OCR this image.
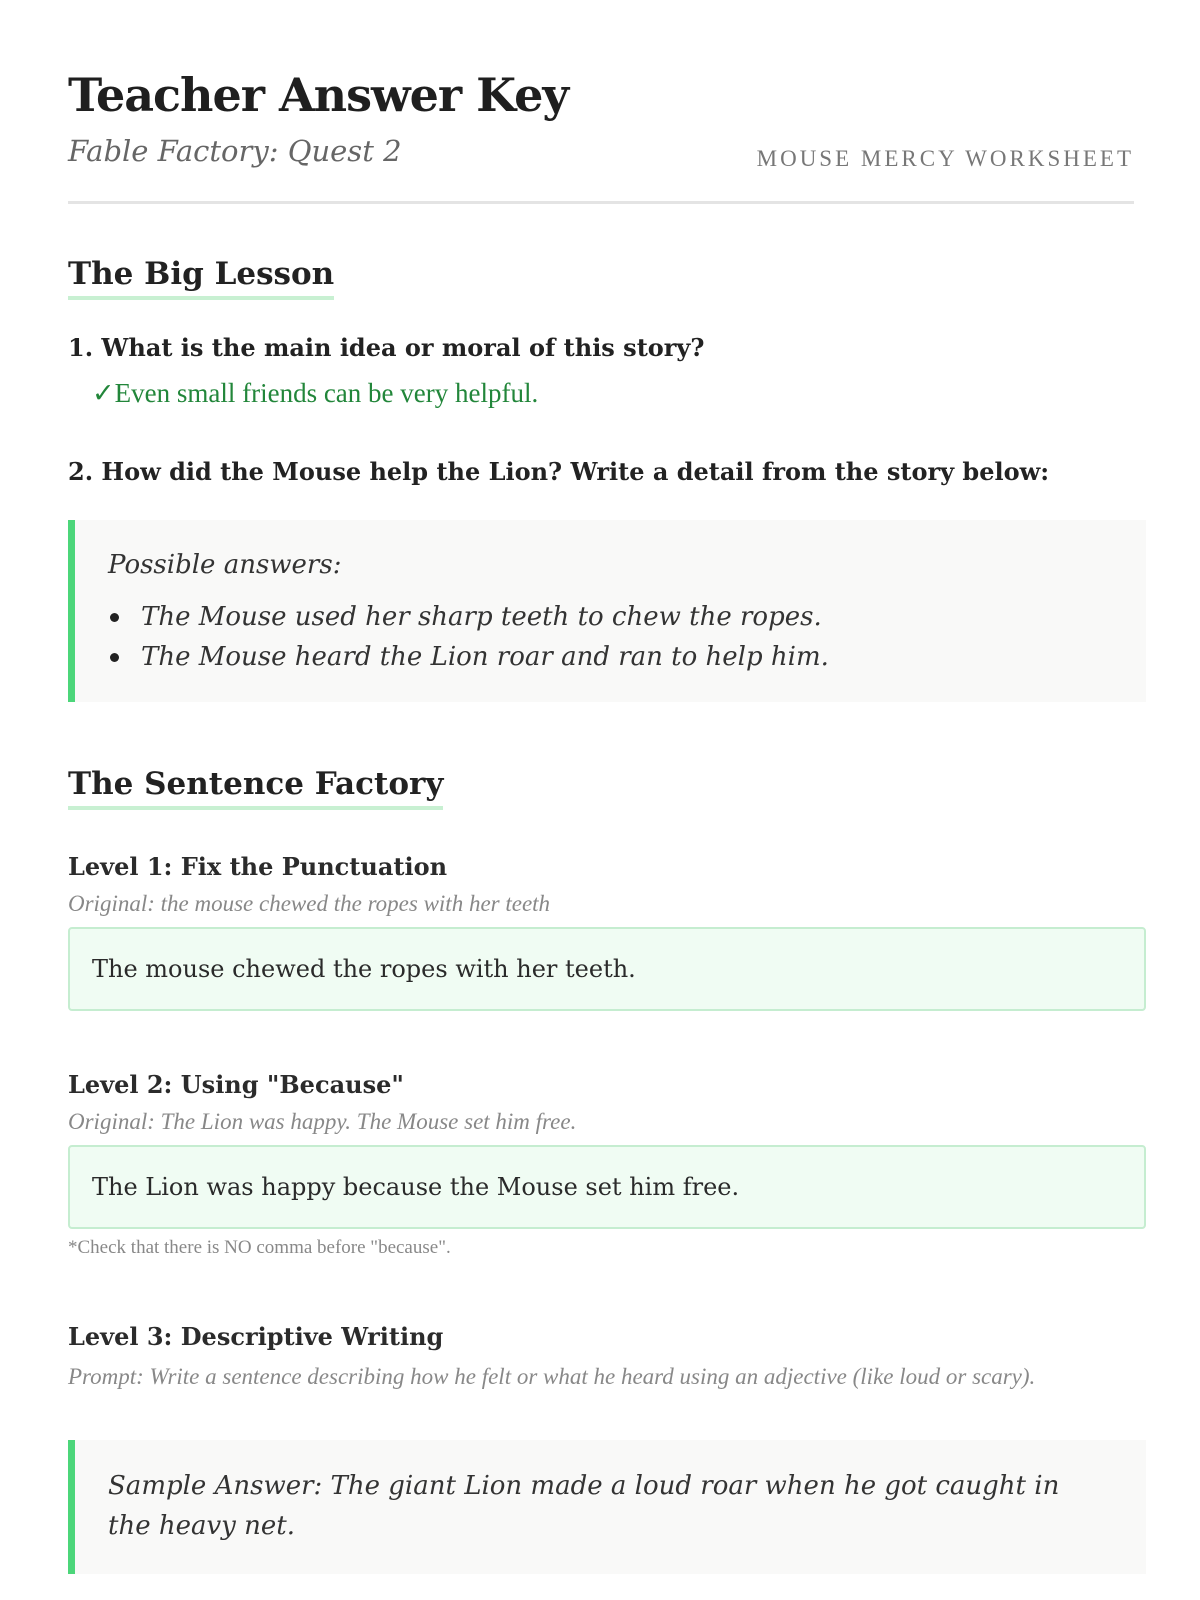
Teacher Answer Key

Fable Factory: Quest 2	MOUSE MERCY WORKSHEET
The Big Lesson
1. What is the main idea or moral of this story?
✓Even small friends can be very helpful.
2. How did the Mouse help the Lion? Write a detail from the story below:
Possible answers:
The Mouse used her sharp teeth to chew the ropes.
The Mouse heard the Lion roar and ran to help him.
The Sentence Factory
Level 1: Fix the Punctuation
Original: the mouse chewed the ropes with her teeth
The mouse chewed the ropes with her teeth.
Level 2: Using "Because"
Original: The Lion was happy. The Mouse set him free.
The Lion was happy because the Mouse set him free.
*Check that there is NO comma before "because".
Level 3: Descriptive Writing
Prompt: Write a sentence describing how he felt or what he heard using an adjective (like loud or scary).
Sample Answer: The giant Lion made a loud roar when he got caught in the heavy net.
